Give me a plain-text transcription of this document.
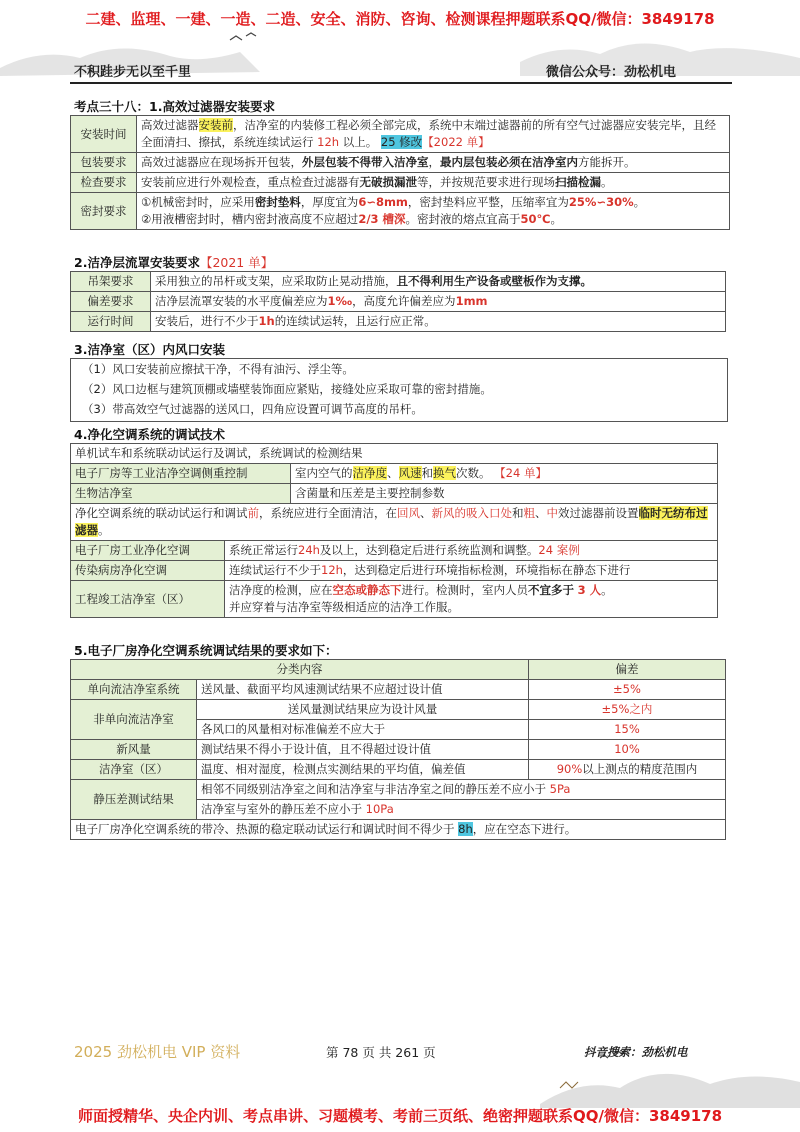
二建、监理、一建、一造、二造、安全、消防、咨询、检测课程押题联系QQ/微信：3849178
不积跬步无以至千里	微信公众号：劲松机电
考点三十八：1.高效过滤器安装要求
安装时间	高效过滤器安装前，洁净室的内装修工程必须全部完成，系统中末端过滤器前的所有空气过滤器应安装完毕，且经全面清扫、擦拭，系统连续试运行 12h 以上。 25 修改【2022 单】
包装要求	高效过滤器应在现场拆开包装，外层包装不得带入洁净室，最内层包装必须在洁净室内方能拆开。
检查要求	安装前应进行外观检查，重点检查过滤器有无破损漏泄等，并按规范要求进行现场扫描检漏。
密封要求	①机械密封时，应采用密封垫料，厚度宜为6∽8mm，密封垫料应平整，压缩率宜为25%∽30%。
②用液槽密封时，槽内密封液高度不应超过2/3 槽深。密封液的熔点宜高于50℃。
2.洁净层流罩安装要求【2021 单】
吊架要求	采用独立的吊杆或支架，应采取防止晃动措施，且不得利用生产设备或壁板作为支撑。
偏差要求	洁净层流罩安装的水平度偏差应为1‰，高度允许偏差应为1mm
运行时间	安装后，进行不少于1h的连续试运转，且运行应正常。
3.洁净室（区）内风口安装
（1）风口安装前应擦拭干净，不得有油污、浮尘等。
（2）风口边框与建筑顶棚或墙壁装饰面应紧贴，接缝处应采取可靠的密封措施。
（3）带高效空气过滤器的送风口，四角应设置可调节高度的吊杆。
4.净化空调系统的调试技术
单机试车和系统联动试运行及调试，系统调试的检测结果		
电子厂房等工业洁净空调侧重控制		室内空气的洁净度、风速和换气次数。 【24 单】
生物洁净室		含菌量和压差是主要控制参数
净化空调系统的联动试运行和调试前，系统应进行全面清洁，在回风、新风的吸入口处和粗、中效过滤器前设置临时无纺布过滤器。		
电子厂房工业净化空调	系统正常运行24h及以上，达到稳定后进行系统监测和调整。24 案例	
传染病房净化空调	连续试运行不少于12h，达到稳定后进行环境指标检测，环境指标在静态下进行	
工程竣工洁净室（区）	洁净度的检测，应在空态或静态下进行。检测时，室内人员不宜多于 3 人。
并应穿着与洁净室等级相适应的洁净工作服。	
5.电子厂房净化空调系统调试结果的要求如下：
分类内容		偏差
单向流洁净室系统	送风量、截面平均风速测试结果不应超过设计值	±5%
非单向流洁净室	送风量测试结果应为设计风量	±5%之内
	各风口的风量相对标准偏差不应大于	15%
新风量	测试结果不得小于设计值，且不得超过设计值	10%
洁净室（区）	温度、相对湿度，检测点实测结果的平均值，偏差值	90%以上测点的精度范围内
静压差测试结果	相邻不同级别洁净室之间和洁净室与非洁净室之间的静压差不应小于 5Pa	
	洁净室与室外的静压差不应小于 10Pa	
电子厂房净化空调系统的带冷、热源的稳定联动试运行和调试时间不得少于 8h，应在空态下进行。		
2025 劲松机电 VIP 资料	第 78 页 共 261 页	抖音搜索：劲松机电
师面授精华、央企内训、考点串讲、习题模考、考前三页纸、绝密押题联系QQ/微信：3849178
